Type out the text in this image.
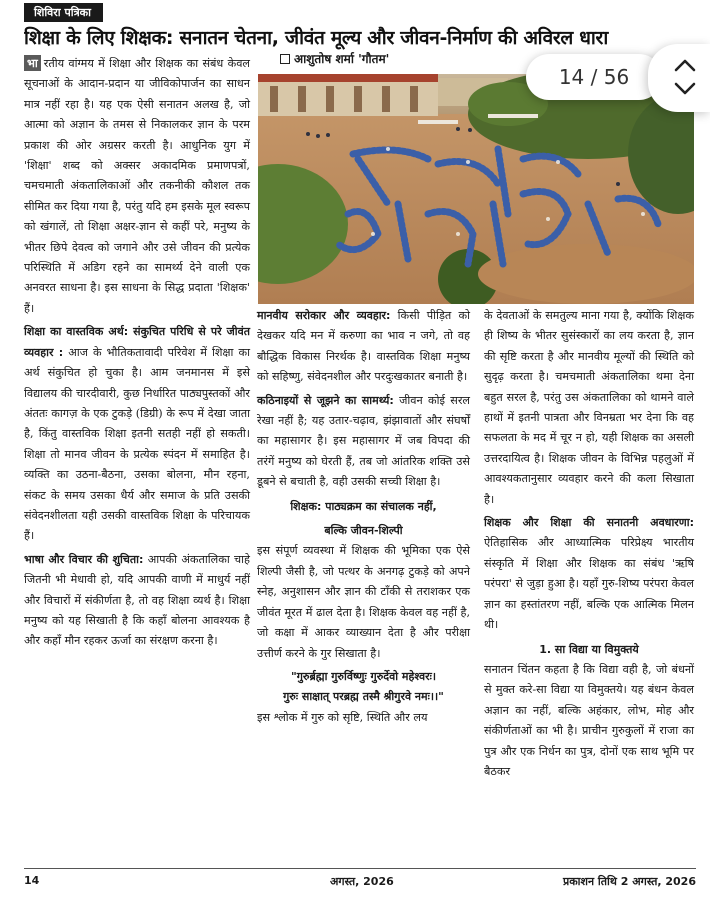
शिविरा पत्रिका
शिक्षा के लिए शिक्षक: सनातन चेतना, जीवंत मूल्य और जीवन-निर्माण की अविरल धारा

भा रतीय वांग्मय में शिक्षा और शिक्षक का संबंध केवल सूचनाओं के आदान-प्रदान या जीविकोपार्जन का साधन मात्र नहीं रहा है। यह एक ऐसी सनातन अलख है, जो आत्मा को अज्ञान के तमस से निकालकर ज्ञान के परम प्रकाश की ओर अग्रसर करती है। आधुनिक युग में 'शिक्षा' शब्द को अक्सर अकादमिक प्रमाणपत्रों, चमचमाती अंकतालिकाओं और तकनीकी कौशल तक सीमित कर दिया गया है, परंतु यदि हम इसके मूल स्वरूप को खंगालें, तो शिक्षा अक्षर-ज्ञान से कहीं परे, मनुष्य के भीतर छिपे देवत्व को जगाने और उसे जीवन की प्रत्येक परिस्थिति में अडिग रहने का सामर्थ्य देने वाली एक अनवरत साधना है। इस साधना के सिद्ध प्रदाता 'शिक्षक' हैं।

शिक्षा का वास्तविक अर्थ: संकुचित परिधि से परे जीवंत व्यवहार : आज के भौतिकतावादी परिवेश में शिक्षा का अर्थ संकुचित हो चुका है। आम जनमानस में इसे विद्यालय की चारदीवारी, कुछ निर्धारित पाठ्यपुस्तकों और अंततः कागज़ के एक टुकड़े (डिग्री) के रूप में देखा जाता है, किंतु वास्तविक शिक्षा इतनी सतही नहीं हो सकती। शिक्षा तो मानव जीवन के प्रत्येक स्पंदन में समाहित है। व्यक्ति का उठना-बैठना, उसका बोलना, मौन रहना, संकट के समय उसका धैर्य और समाज के प्रति उसकी संवेदनशीलता यही उसकी वास्तविक शिक्षा के परिचायक हैं।

भाषा और विचार की शुचिता: आपकी अंकतालिका चाहे जितनी भी मेधावी हो, यदि आपकी वाणी में माधुर्य नहीं और विचारों में संकीर्णता है, तो वह शिक्षा व्यर्थ है। शिक्षा मनुष्य को यह सिखाती है कि कहाँ बोलना आवश्यक है और कहाँ मौन रहकर ऊर्जा का संरक्षण करना है।

आशुतोष शर्मा 'गौतम'

मानवीय सरोकार और व्यवहार: किसी पीड़ित को देखकर यदि मन में करुणा का भाव न जगे, तो वह बौद्धिक विकास निरर्थक है। वास्तविक शिक्षा मनुष्य को सहिष्णु, संवेदनशील और परदुःखकातर बनाती है।

कठिनाइयों से जूझने का सामर्थ्य: जीवन कोई सरल रेखा नहीं है; यह उतार-चढ़ाव, झंझावातों और संघर्षों का महासागर है। इस महासागर में जब विपदा की तरंगें मनुष्य को घेरती हैं, तब जो आंतरिक शक्ति उसे डूबने से बचाती है, वही उसकी सच्ची शिक्षा है।

शिक्षक: पाठ्यक्रम का संचालक नहीं,
बल्कि जीवन-शिल्पी

इस संपूर्ण व्यवस्था में शिक्षक की भूमिका एक ऐसे शिल्पी जैसी है, जो पत्थर के अनगढ़ टुकड़े को अपने स्नेह, अनुशासन और ज्ञान की टाँकी से तराशकर एक जीवंत मूरत में ढाल देता है। शिक्षक केवल वह नहीं है, जो कक्षा में आकर व्याख्यान देता है और परीक्षा उत्तीर्ण करने के गुर सिखाता है।

"गुरुर्ब्रह्मा गुरुर्विष्णुः गुरुर्देवो महेश्वरः।
गुरुः साक्षात् परब्रह्म तस्मै श्रीगुरवे नमः।।"

इस श्लोक में गुरु को सृष्टि, स्थिति और लय

के देवताओं के समतुल्य माना गया है, क्योंकि शिक्षक ही शिष्य के भीतर सुसंस्कारों का लय करता है, ज्ञान की सृष्टि करता है और मानवीय मूल्यों की स्थिति को सुदृढ़ करता है। चमचमाती अंकतालिका थमा देना बहुत सरल है, परंतु उस अंकतालिका को थामने वाले हाथों में इतनी पात्रता और विनम्रता भर देना कि वह सफलता के मद में चूर न हो, यही शिक्षक का असली उत्तरदायित्व है। शिक्षक जीवन के विभिन्न पहलुओं में आवश्यकतानुसार व्यवहार करने की कला सिखाता है।

शिक्षक और शिक्षा की सनातनी अवधारणा: ऐतिहासिक और आध्यात्मिक परिप्रेक्ष्य भारतीय संस्कृति में शिक्षा और शिक्षक का संबंध 'ऋषि परंपरा' से जुड़ा हुआ है। यहाँ गुरु-शिष्य परंपरा केवल ज्ञान का हस्तांतरण नहीं, बल्कि एक आत्मिक मिलन थी।

1. सा विद्या या विमुक्तये

सनातन चिंतन कहता है कि विद्या वही है, जो बंधनों से मुक्त करे-सा विद्या या विमुक्तये। यह बंधन केवल अज्ञान का नहीं, बल्कि अहंकार, लोभ, मोह और संकीर्णताओं का भी है। प्राचीन गुरुकुलों में राजा का पुत्र और एक निर्धन का पुत्र, दोनों एक साथ भूमि पर बैठकर

14 / 56
14	अगस्त, 2026	प्रकाशन तिथि 2 अगस्त, 2026
